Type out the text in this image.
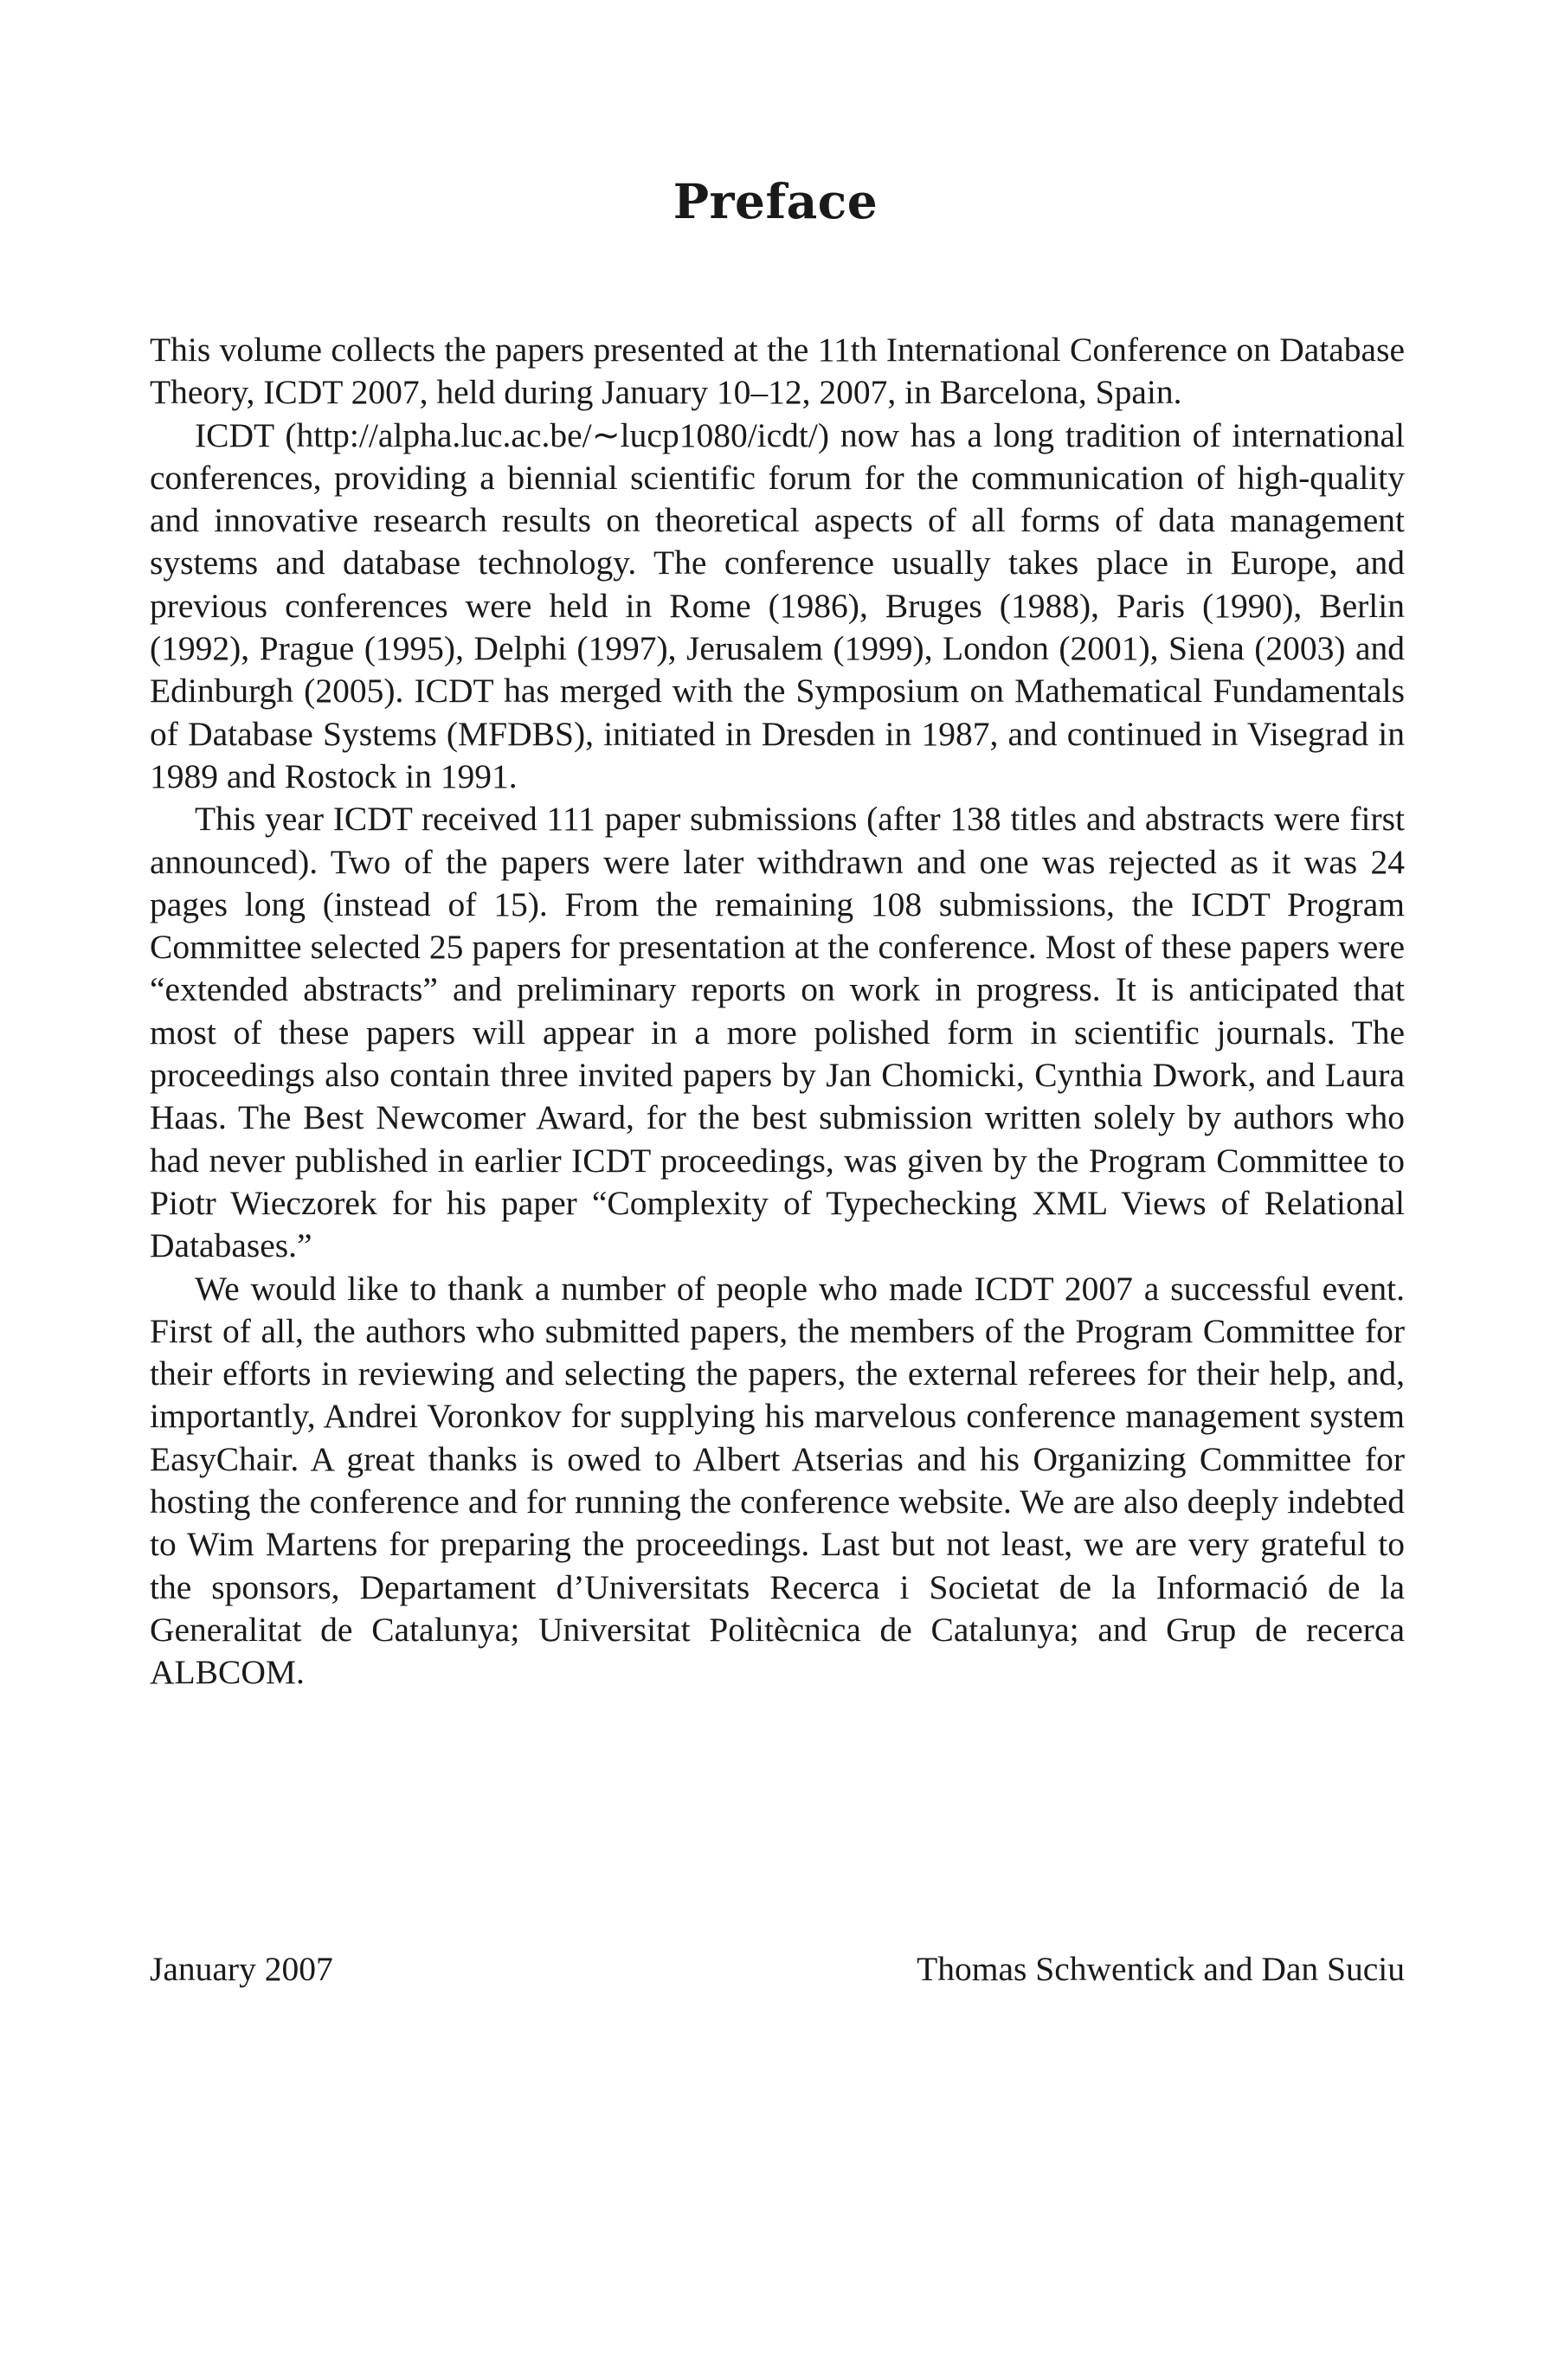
Preface

This volume collects the papers presented at the 11th International Conference on Database Theory, ICDT 2007, held during January 10–12, 2007, in Barcelona, Spain.

ICDT (http://alpha.luc.ac.be/∼lucp1080/icdt/) now has a long tradition of international conferences, providing a biennial scientific forum for the communication of high-quality and innovative research results on theoretical aspects of all forms of data management systems and database technology. The conference usually takes place in Europe, and previous conferences were held in Rome (1986), Bruges (1988), Paris (1990), Berlin (1992), Prague (1995), Delphi (1997), Jerusalem (1999), London (2001), Siena (2003) and Edinburgh (2005). ICDT has merged with the Symposium on Mathematical Fundamentals of Database Systems (MFDBS), initiated in Dresden in 1987, and continued in Visegrad in 1989 and Rostock in 1991.

This year ICDT received 111 paper submissions (after 138 titles and abstracts were first announced). Two of the papers were later withdrawn and one was rejected as it was 24 pages long (instead of 15). From the remaining 108 submissions, the ICDT Program Committee selected 25 papers for presentation at the conference. Most of these papers were “extended abstracts” and preliminary reports on work in progress. It is anticipated that most of these papers will appear in a more polished form in scientific journals. The proceedings also contain three invited papers by Jan Chomicki, Cynthia Dwork, and Laura Haas. The Best Newcomer Award, for the best submission written solely by authors who had never published in earlier ICDT proceedings, was given by the Program Committee to Piotr Wieczorek for his paper “Complexity of Typechecking XML Views of Relational Databases.”

We would like to thank a number of people who made ICDT 2007 a successful event. First of all, the authors who submitted papers, the members of the Program Committee for their efforts in reviewing and selecting the papers, the external referees for their help, and, importantly, Andrei Voronkov for supplying his marvelous conference management system EasyChair. A great thanks is owed to Albert Atserias and his Organizing Committee for hosting the conference and for running the conference website. We are also deeply indebted to Wim Martens for preparing the proceedings. Last but not least, we are very grateful to the sponsors, Departament d’Universitats Recerca i Societat de la Informació de la Generalitat de Catalunya; Universitat Politècnica de Catalunya; and Grup de recerca ALBCOM.

January 2007	Thomas Schwentick and Dan Suciu
